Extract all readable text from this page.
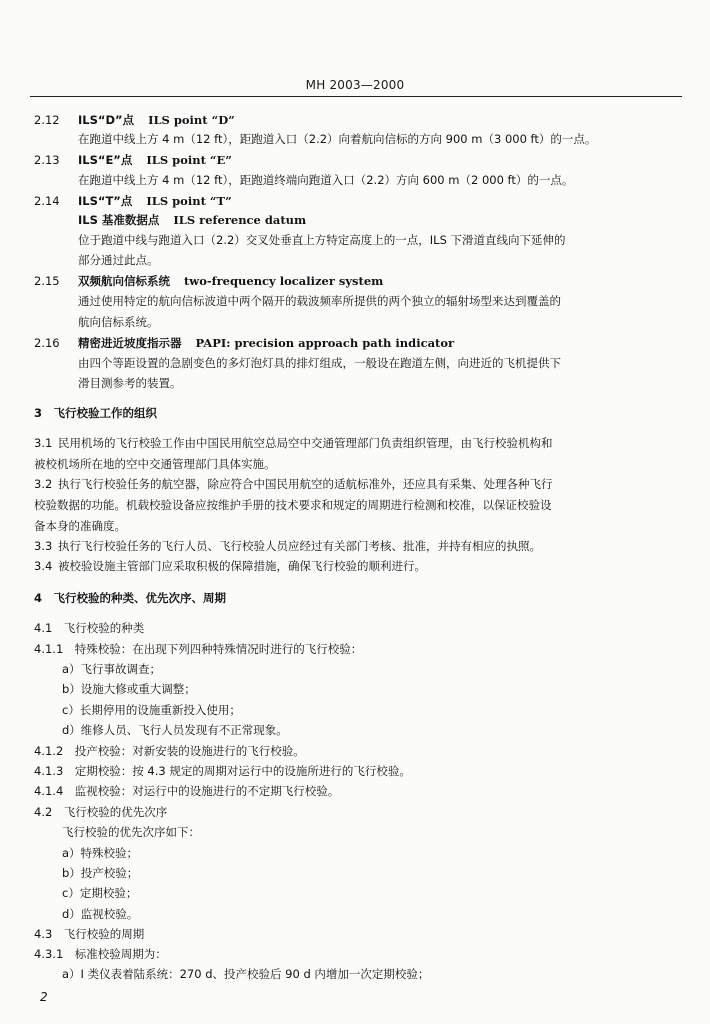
MH 2003—2000
2.12 ILS“D”点 ILS point “D”
在跑道中线上方 4 m（12 ft），距跑道入口（2.2）向着航向信标的方向 900 m（3 000 ft）的一点。
2.13 ILS“E”点 ILS point “E”
在跑道中线上方 4 m（12 ft），距跑道终端向跑道入口（2.2）方向 600 m（2 000 ft）的一点。
2.14 ILS“T”点 ILS point “T”
ILS 基准数据点 ILS reference datum
位于跑道中线与跑道入口（2.2）交叉处垂直上方特定高度上的一点，ILS 下滑道直线向下延伸的
部分通过此点。
2.15 双频航向信标系统 two-frequency localizer system
通过使用特定的航向信标波道中两个隔开的载波频率所提供的两个独立的辐射场型来达到覆盖的
航向信标系统。
2.16 精密进近坡度指示器 PAPI: precision approach path indicator
由四个等距设置的急剧变色的多灯泡灯具的排灯组成，一般设在跑道左侧，向进近的飞机提供下
滑目测参考的装置。
3　飞行校验工作的组织
3.1 民用机场的飞行校验工作由中国民用航空总局空中交通管理部门负责组织管理，由飞行校验机构和
被校机场所在地的空中交通管理部门具体实施。
3.2 执行飞行校验任务的航空器，除应符合中国民用航空的适航标准外，还应具有采集、处理各种飞行
校验数据的功能。机载校验设备应按维护手册的技术要求和规定的周期进行检测和校准，以保证校验设
备本身的准确度。
3.3 执行飞行校验任务的飞行人员、飞行校验人员应经过有关部门考核、批准，并持有相应的执照。
3.4 被校验设施主管部门应采取积极的保障措施，确保飞行校验的顺利进行。
4　飞行校验的种类、优先次序、周期
4.1　飞行校验的种类
4.1.1　特殊校验：在出现下列四种特殊情况时进行的飞行校验：
a）飞行事故调查；
b）设施大修或重大调整；
c）长期停用的设施重新投入使用；
d）维修人员、飞行人员发现有不正常现象。
4.1.2　投产校验：对新安装的设施进行的飞行校验。
4.1.3　定期校验：按 4.3 规定的周期对运行中的设施所进行的飞行校验。
4.1.4　监视校验：对运行中的设施进行的不定期飞行校验。
4.2　飞行校验的优先次序
飞行校验的优先次序如下：
a）特殊校验；
b）投产校验；
c）定期校验；
d）监视校验。
4.3　飞行校验的周期
4.3.1　标准校验周期为：
a）I 类仪表着陆系统：270 d、投产校验后 90 d 内增加一次定期校验；
2
